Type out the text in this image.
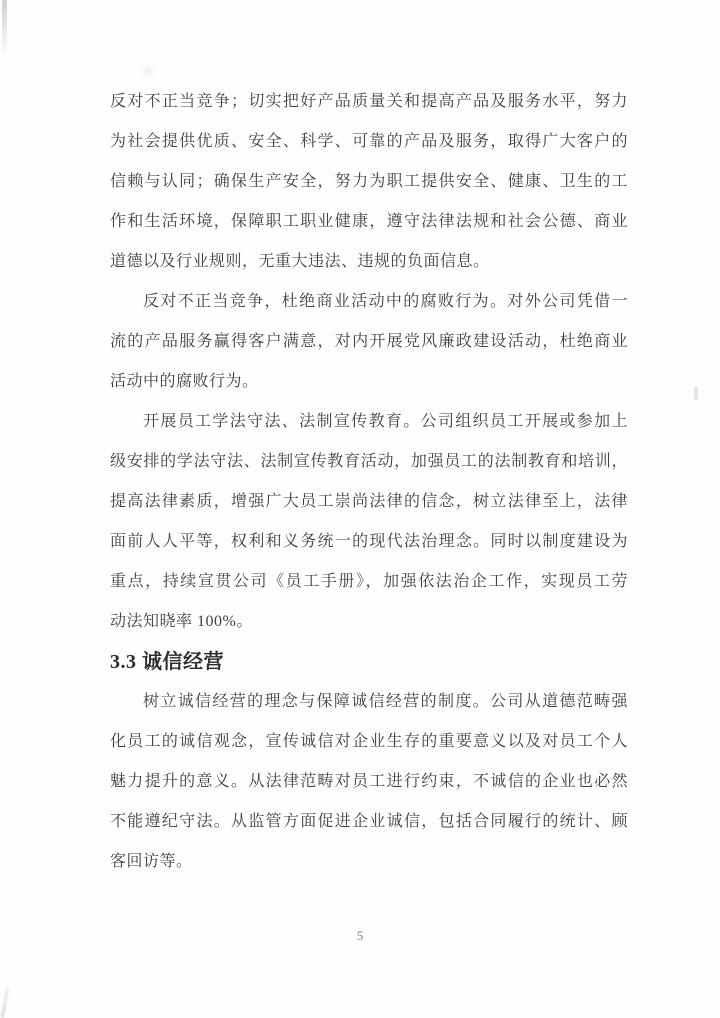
反对不正当竞争；切实把好产品质量关和提高产品及服务水平，努力
为社会提供优质、安全、科学、可靠的产品及服务，取得广大客户的
信赖与认同；确保生产安全，努力为职工提供安全、健康、卫生的工
作和生活环境，保障职工职业健康，遵守法律法规和社会公德、商业
道德以及行业规则，无重大违法、违规的负面信息。
反对不正当竞争，杜绝商业活动中的腐败行为。对外公司凭借一
流的产品服务赢得客户满意，对内开展党风廉政建设活动，杜绝商业
活动中的腐败行为。
开展员工学法守法、法制宣传教育。公司组织员工开展或参加上
级安排的学法守法、法制宣传教育活动，加强员工的法制教育和培训，
提高法律素质，增强广大员工崇尚法律的信念，树立法律至上，法律
面前人人平等，权利和义务统一的现代法治理念。同时以制度建设为
重点，持续宣贯公司《员工手册》，加强依法治企工作，实现员工劳
动法知晓率 100%。
3.3 诚信经营
树立诚信经营的理念与保障诚信经营的制度。公司从道德范畴强
化员工的诚信观念，宣传诚信对企业生存的重要意义以及对员工个人
魅力提升的意义。从法律范畴对员工进行约束，不诚信的企业也必然
不能遵纪守法。从监管方面促进企业诚信，包括合同履行的统计、顾
客回访等。
5
